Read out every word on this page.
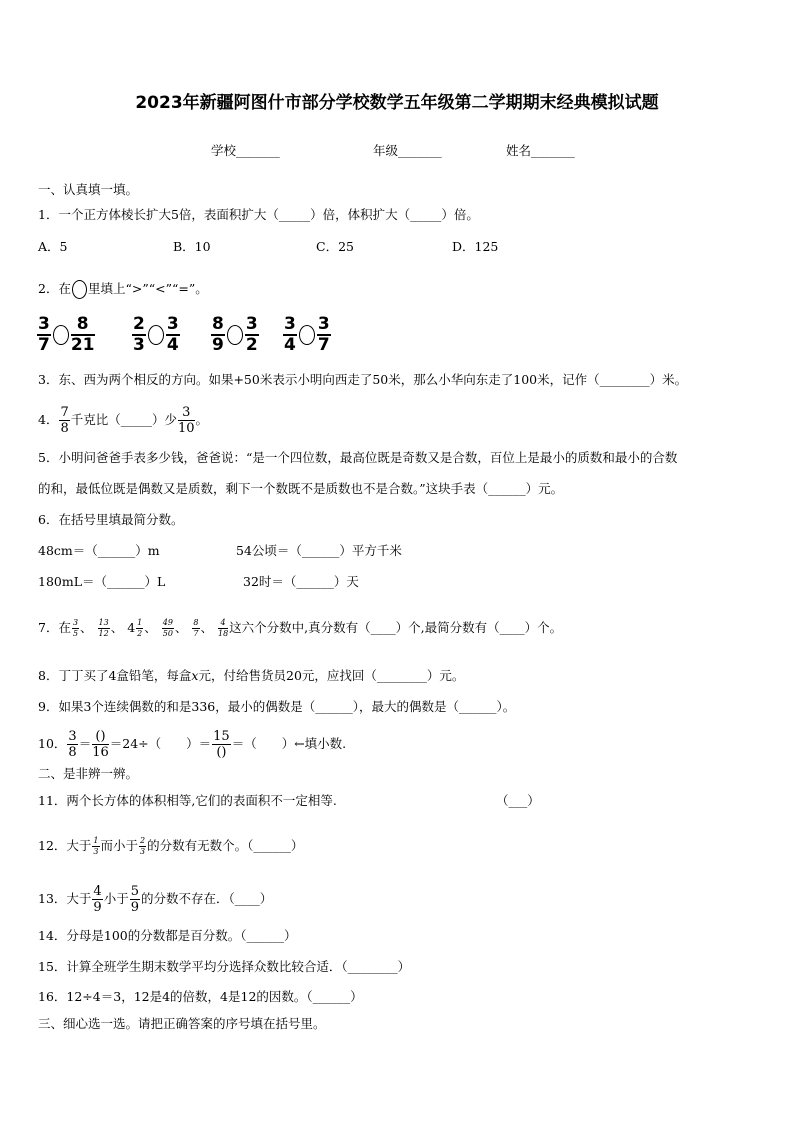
2023年新疆阿图什市部分学校数学五年级第二学期期末经典模拟试题
学校_______	年级_______	姓名_______
一、认真填一填。
1．一个正方体棱长扩大5倍，表面积扩大（_____）倍，体积扩大（_____）倍。
A．5	B．10	C．25	D．125
2．在 里填上“>”“<”“=”。
$\frac{3}{7} \frac{8}{21} \frac{2}{3} \frac{3}{4} \frac{8}{9} \frac{3}{2} \frac{3}{4} \frac{3}{7}$
3．东、西为两个相反的方向。如果+50米表示小明向西走了50米，那么小华向东走了100米，记作（________）米。
4． $\frac{7}{8}$ 千克比（_____）少 $\frac{3}{10}$ 。
5．小明问爸爸手表多少钱，爸爸说：“是一个四位数，最高位既是奇数又是合数，百位上是最小的质数和最小的合数
的和，最低位既是偶数又是质数，剩下一个数既不是质数也不是合数。”这块手表（______）元。
6．在括号里填最简分数。
48cm＝（______）m	54公顷＝（______）平方千米
180mL＝（______）L	32时＝（______）天
7．在 $\frac{3}{5}$ 、 $\frac{13}{12}$ 、 $4 \frac{1}{2}$ 、 $\frac{49}{50}$ 、 $\frac{8}{7}$ 、 $\frac{4}{18}$ 这六个分数中,真分数有（____）个,最简分数有（____）个。
8．丁丁买了4盒铅笔，每盒x元，付给售货员20元，应找回（________）元。
9．如果3个连续偶数的和是336，最小的偶数是（______），最大的偶数是（______）。
10． $\frac{3}{8} = \frac{()}{16} =24\div$（　　）＝ $\frac{15}{()}$ ＝（　　）←填小数.
二、是非辨一辨。
11．两个长方体的体积相等,它们的表面积不一定相等.	（___）
12．大于 $\frac{1}{3}$ 而小于 $\frac{2}{3}$ 的分数有无数个。（______）
13．大于 $\frac{4}{9}$ 小于 $\frac{5}{9}$ 的分数不存在．（____）
14．分母是100的分数都是百分数。（______）
15．计算全班学生期末数学平均分选择众数比较合适．（________）
16．12÷4＝3，12是4的倍数，4是12的因数。（______）
三、细心选一选。请把正确答案的序号填在括号里。
